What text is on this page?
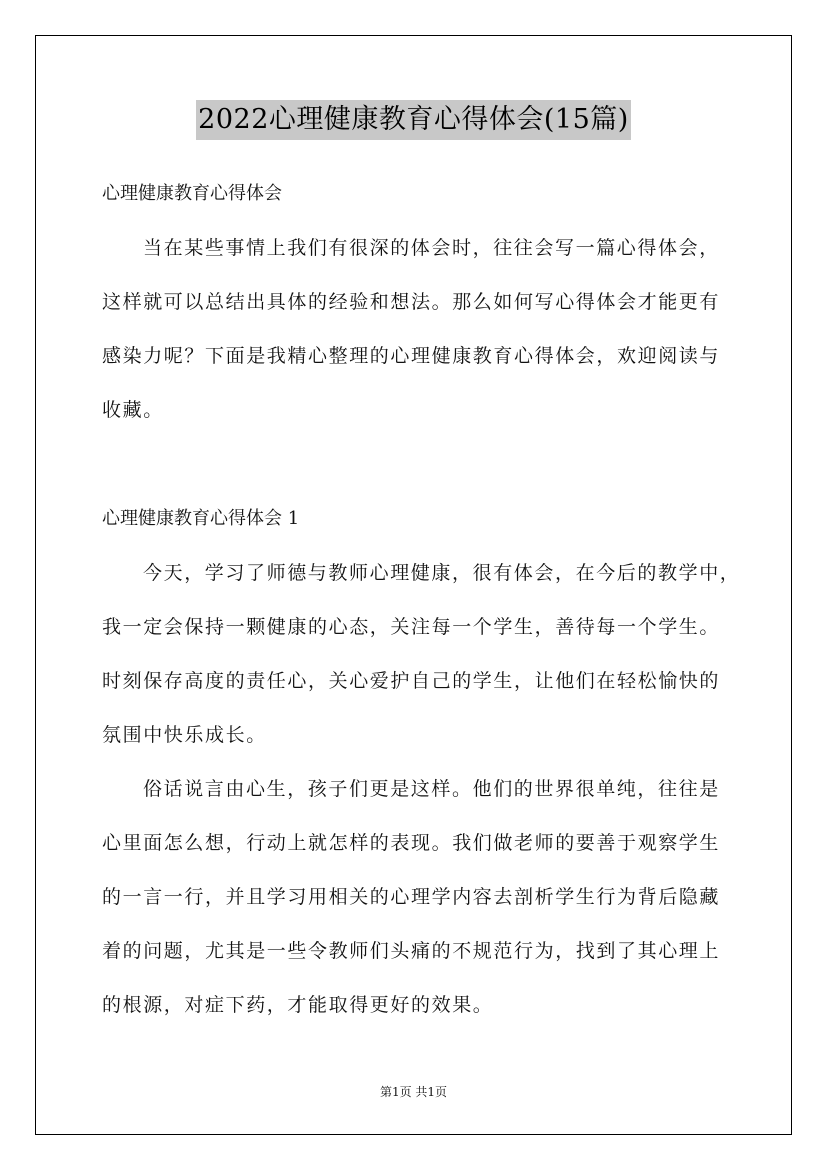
2022心理健康教育心得体会(15篇)
心理健康教育心得体会
当在某些事情上我们有很深的体会时，往往会写一篇心得体会，
这样就可以总结出具体的经验和想法。那么如何写心得体会才能更有
感染力呢？下面是我精心整理的心理健康教育心得体会，欢迎阅读与
收藏。
心理健康教育心得体会 1
今天，学习了师德与教师心理健康，很有体会，在今后的教学中，
我一定会保持一颗健康的心态，关注每一个学生，善待每一个学生。
时刻保存高度的责任心，关心爱护自己的学生，让他们在轻松愉快的
氛围中快乐成长。
俗话说言由心生，孩子们更是这样。他们的世界很单纯，往往是
心里面怎么想，行动上就怎样的表现。我们做老师的要善于观察学生
的一言一行，并且学习用相关的心理学内容去剖析学生行为背后隐藏
着的问题，尤其是一些令教师们头痛的不规范行为，找到了其心理上
的根源，对症下药，才能取得更好的效果。
第1页 共1页
